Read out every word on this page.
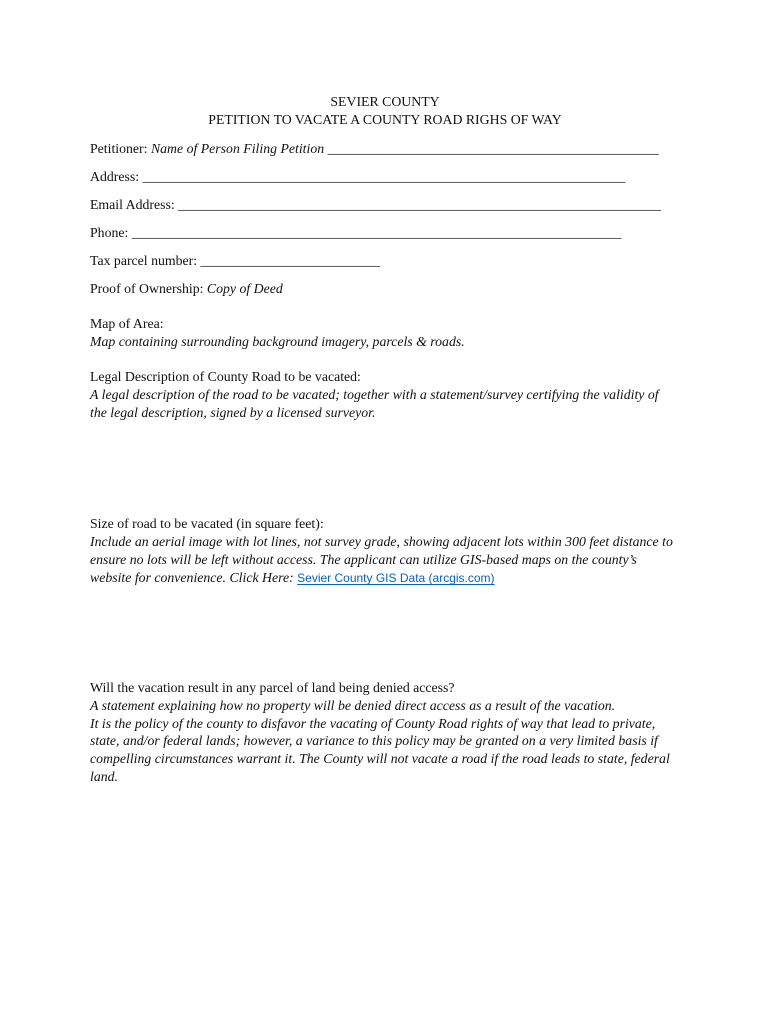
SEVIER COUNTY
PETITION TO VACATE A COUNTY ROAD RIGHS OF WAY
Petitioner: Name of Person Filing Petition ________________________________________________
Address: ______________________________________________________________________
Email Address: ______________________________________________________________________
Phone: _______________________________________________________________________
Tax parcel number: __________________________
Proof of Ownership: Copy of Deed
Map of Area:
Map containing surrounding background imagery, parcels & roads.
Legal Description of County Road to be vacated:
A legal description of the road to be vacated; together with a statement/survey certifying the validity of
the legal description, signed by a licensed surveyor.
Size of road to be vacated (in square feet):
Include an aerial image with lot lines, not survey grade, showing adjacent lots within 300 feet distance to
ensure no lots will be left without access. The applicant can utilize GIS-based maps on the county’s
website for convenience. Click Here: Sevier County GIS Data (arcgis.com)
Will the vacation result in any parcel of land being denied access?
A statement explaining how no property will be denied direct access as a result of the vacation.
It is the policy of the county to disfavor the vacating of County Road rights of way that lead to private,
state, and/or federal lands; however, a variance to this policy may be granted on a very limited basis if
compelling circumstances warrant it. The County will not vacate a road if the road leads to state, federal
land.
